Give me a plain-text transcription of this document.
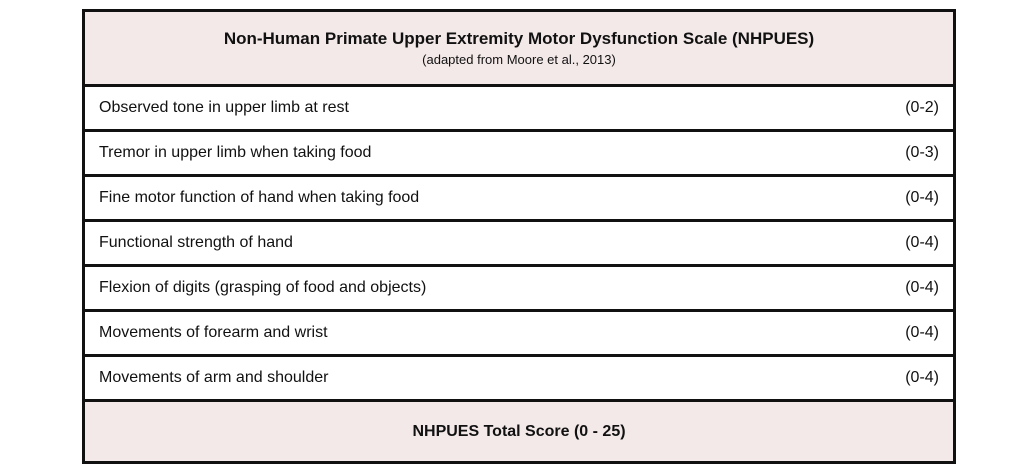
Non-Human Primate Upper Extremity Motor Dysfunction Scale (NHPUES)
(adapted from Moore et al., 2013)
Observed tone in upper limb at rest	(0-2)
Tremor in upper limb when taking food	(0-3)
Fine motor function of hand when taking food	(0-4)
Functional strength of hand	(0-4)
Flexion of digits (grasping of food and objects)	(0-4)
Movements of forearm and wrist	(0-4)
Movements of arm and shoulder	(0-4)
NHPUES Total Score (0 - 25)
